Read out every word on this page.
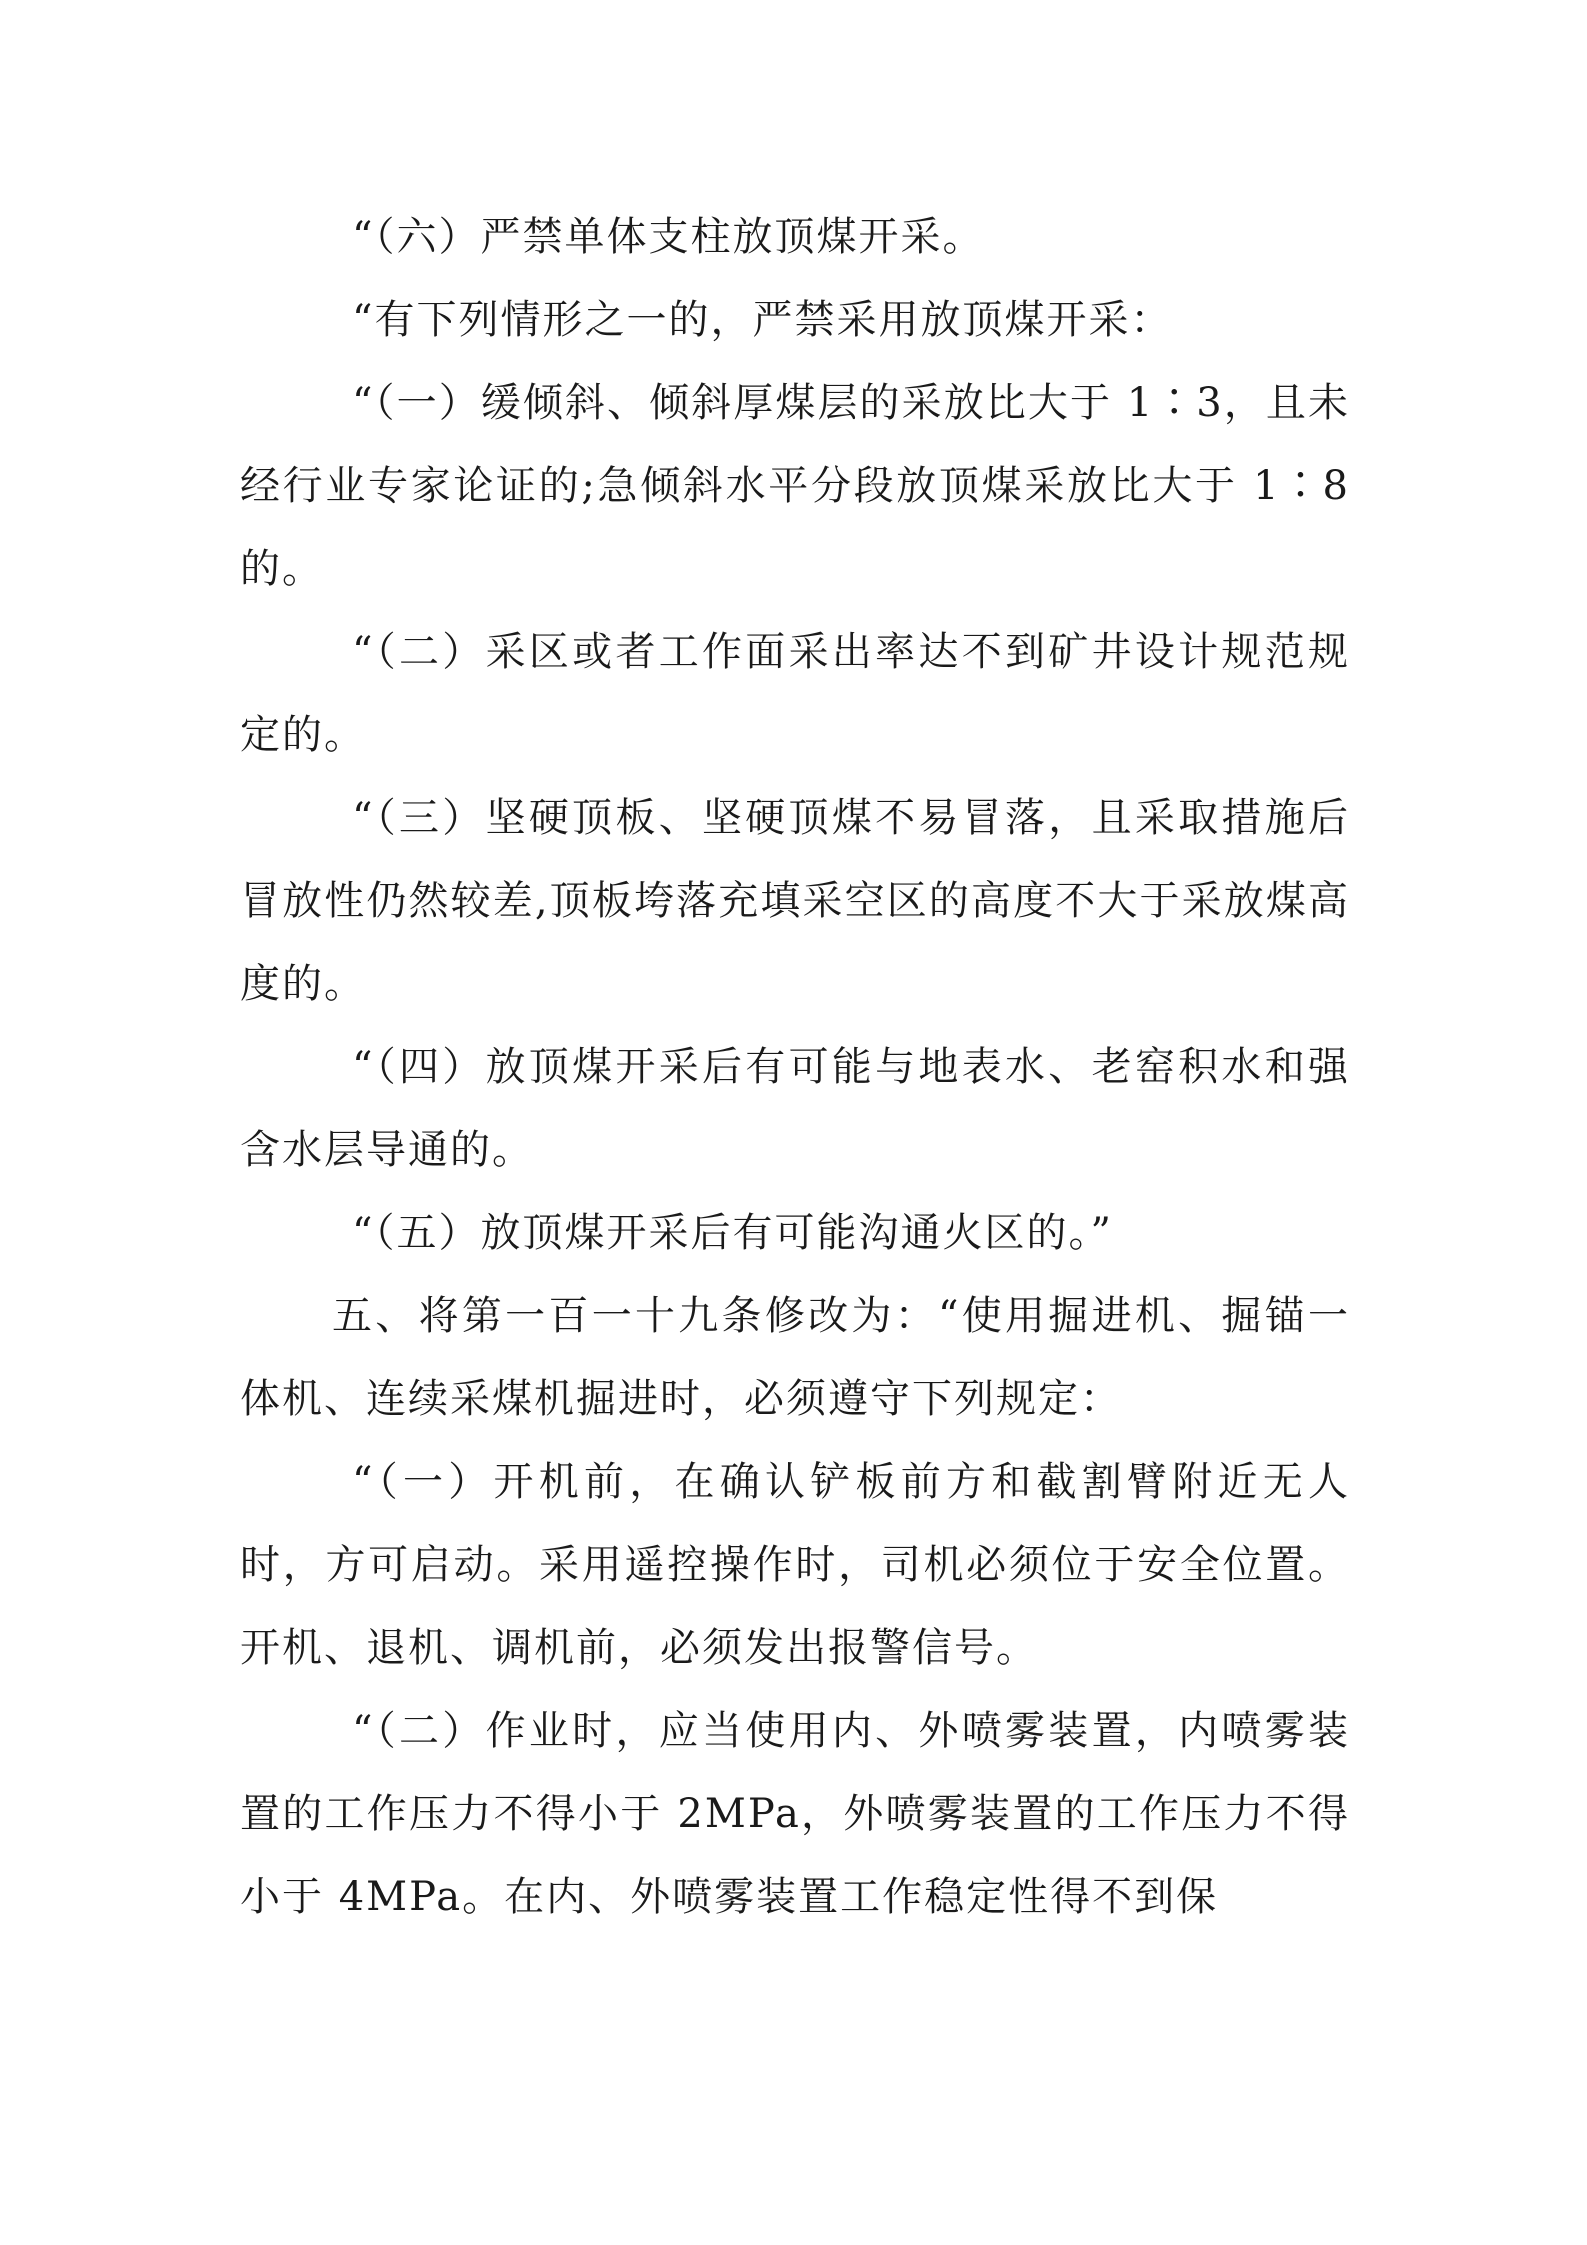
“（六）严禁单体支柱放顶煤开采。

“有下列情形之一的，严禁采用放顶煤开采：

“（一）缓倾斜、倾斜厚煤层的采放比大于 1∶3，且未经行业专家论证的;急倾斜水平分段放顶煤采放比大于 1∶8 的。

“（二）采区或者工作面采出率达不到矿井设计规范规定的。

“（三）坚硬顶板、坚硬顶煤不易冒落，且采取措施后冒放性仍然较差,顶板垮落充填采空区的高度不大于采放煤高度的。

“（四）放顶煤开采后有可能与地表水、老窑积水和强含水层导通的。

“（五）放顶煤开采后有可能沟通火区的。”

五、将第一百一十九条修改为：“使用掘进机、掘锚一体机、连续采煤机掘进时，必须遵守下列规定：

“（一）开机前，在确认铲板前方和截割臂附近无人时，方可启动。采用遥控操作时，司机必须位于安全位置。开机、退机、调机前，必须发出报警信号。

“（二）作业时，应当使用内、外喷雾装置，内喷雾装置的工作压力不得小于 2MPa，外喷雾装置的工作压力不得小于 4MPa。在内、外喷雾装置工作稳定性得不到保
